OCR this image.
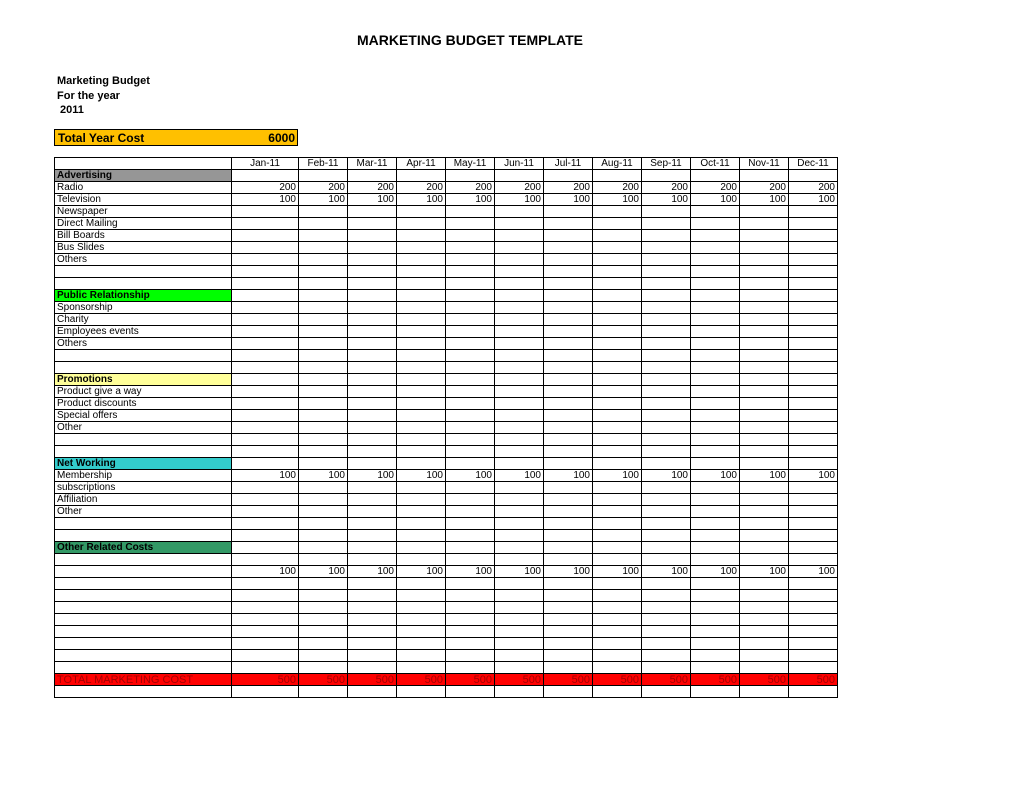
MARKETING BUDGET TEMPLATE
Marketing Budget
For the year
2011
Total Year Cost	6000
	Jan-11	Feb-11	Mar-11	Apr-11	May-11	Jun-11	Jul-11	Aug-11	Sep-11	Oct-11	Nov-11	Dec-11
Advertising												
Radio	200	200	200	200	200	200	200	200	200	200	200	200
Television	100	100	100	100	100	100	100	100	100	100	100	100
Newspaper												
Direct Mailing												
Bill Boards												
Bus Slides												
Others												

Public Relationship												
Sponsorship												
Charity												
Employees events												
Others												

Promotions												
Product give a way												
Product discounts												
Special offers												
Other												

Net Working												
Membership	100	100	100	100	100	100	100	100	100	100	100	100
subscriptions												
Affiliation												
Other												

Other Related Costs												

	100	100	100	100	100	100	100	100	100	100	100	100

TOTAL MARKETING COST	500	500	500	500	500	500	500	500	500	500	500	500
